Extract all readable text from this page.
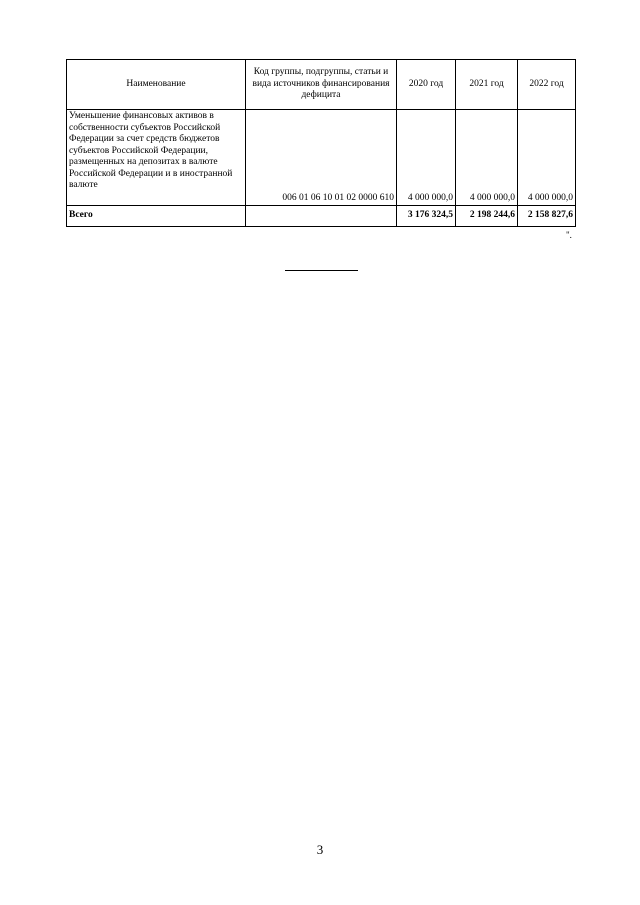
Наименование	Код группы, подгруппы, статьи и вида источников финансирования дефицита	2020 год	2021 год	2022 год
Уменьшение финансовых активов в собственности субъектов Российской Федерации за счет средств бюджетов субъектов Российской Федерации, размещенных на депозитах в валюте Российской Федерации и в иностранной валюте	006 01 06 10 01 02 0000 610	4 000 000,0	4 000 000,0	4 000 000,0
Всего		3 176 324,5	2 198 244,6	2 158 827,6
".
3
